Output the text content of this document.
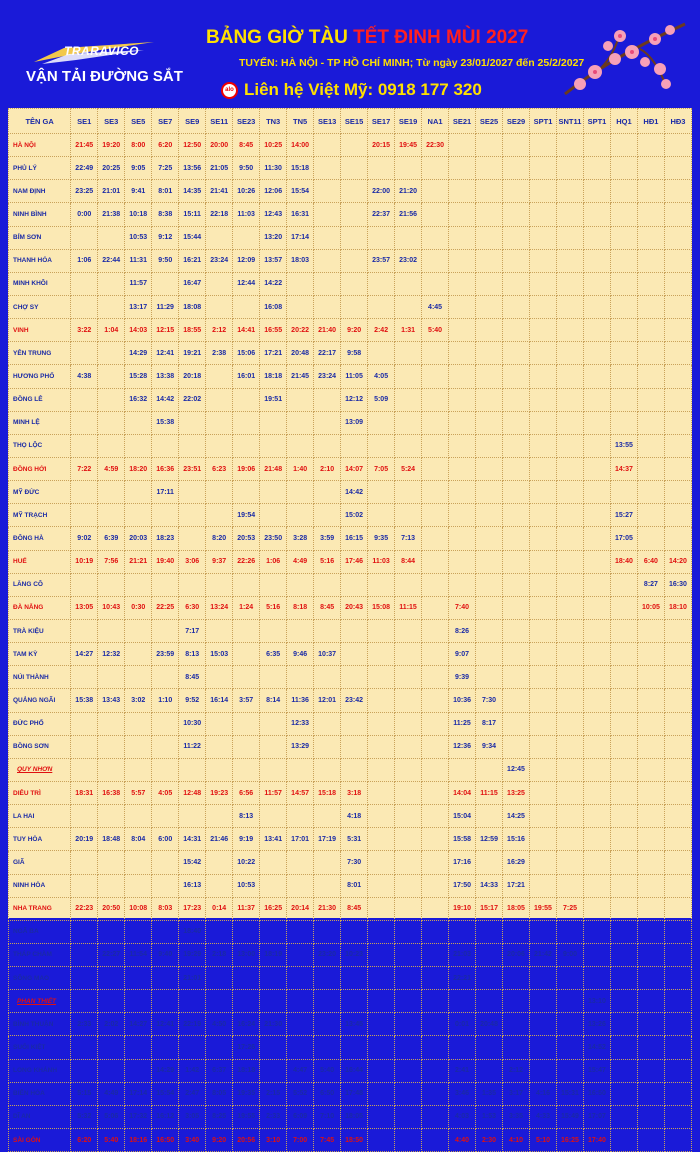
TRARAVICO
VẬN TẢI ĐƯỜNG SẮT
BẢNG GIỜ TÀU TẾT ĐINH MÙI 2027
TUYẾN: HÀ NỘI - TP HỒ CHÍ MINH; Từ ngày 23/01/2027 đến 25/2/2027
alo Liên hệ Việt Mỹ: 0918 177 320
TÊN GA	SE1	SE3	SE5	SE7	SE9	SE11	SE23	TN3	TN5	SE13	SE15	SE17	SE19	NA1	SE21	SE25	SE29	SPT1	SNT11	SPT1	HQ1	HĐ1	HĐ3
HÀ NỘI	21:45	19:20	8:00	6:20	12:50	20:00	8:45	10:25	14:00			20:15	19:45	22:30									
PHỦ LÝ	22:49	20:25	9:05	7:25	13:56	21:05	9:50	11:30	15:18														
NAM ĐỊNH	23:25	21:01	9:41	8:01	14:35	21:41	10:26	12:06	15:54			22:00	21:20										
NINH BÌNH	0:00	21:38	10:18	8:38	15:11	22:18	11:03	12:43	16:31			22:37	21:56										
BỈM SƠN			10:53	9:12	15:44			13:20	17:14														
THANH HÓA	1:06	22:44	11:31	9:50	16:21	23:24	12:09	13:57	18:03			23:57	23:02										
MINH KHÔI			11:57		16:47		12:44	14:22															
CHỢ SY			13:17	11:29	18:08			16:08						4:45									
VINH	3:22	1:04	14:03	12:15	18:55	2:12	14:41	16:55	20:22	21:40	9:20	2:42	1:31	5:40									
YÊN TRUNG			14:29	12:41	19:21	2:38	15:06	17:21	20:48	22:17	9:58												
HƯƠNG PHỐ	4:38		15:28	13:38	20:18		16:01	18:18	21:45	23:24	11:05	4:05											
ĐỒNG LÊ			16:32	14:42	22:02			19:51			12:12	5:09											
MINH LỆ				15:38							13:09												
THỌ LỘC																					13:55		
ĐỒNG HỚI	7:22	4:59	18:20	16:36	23:51	6:23	19:06	21:48	1:40	2:10	14:07	7:05	5:24								14:37		
MỸ ĐỨC				17:11							14:42												
MỸ TRẠCH							19:54				15:02										15:27		
ĐÔNG HÀ	9:02	6:39	20:03	18:23		8:20	20:53	23:50	3:28	3:59	16:15	9:35	7:13								17:05		
HUẾ	10:19	7:56	21:21	19:40	3:06	9:37	22:26	1:06	4:49	5:16	17:46	11:03	8:44								18:40	6:40	14:20
LĂNG CÔ																						8:27	16:30
ĐÀ NẴNG	13:05	10:43	0:30	22:25	6:30	13:24	1:24	5:16	8:18	8:45	20:43	15:08	11:15		7:40							10:05	18:10
TRÀ KIỆU					7:17										8:26								
TAM KỲ	14:27	12:32		23:59	8:13	15:03		6:35	9:46	10:37					9:07								
NÚI THÀNH					8:45										9:39								
QUẢNG NGÃI	15:38	13:43	3:02	1:10	9:52	16:14	3:57	8:14	11:36	12:01	23:42				10:36	7:30							
ĐỨC PHỔ					10:30				12:33						11:25	8:17							
BỒNG SƠN					11:22				13:29						12:36	9:34							
QUY NHƠN																	12:45						
DIÊU TRÌ	18:31	16:38	5:57	4:05	12:48	19:23	6:56	11:57	14:57	15:18	3:18				14:04	11:15	13:25						
LA HAI							8:13				4:18				15:04		14:25						
TUY HÒA	20:19	18:48	8:04	6:00	14:31	21:46	9:19	13:41	17:01	17:19	5:31				15:58	12:59	15:16						
GIÃ					15:42		10:22				7:30				17:16		16:29						
NINH HÒA					16:13		10:53				8:01				17:50	14:33	17:21						
NHA TRANG	22:23	20:50	10:08	8:03	17:23	0:14	11:37	16:25	20:14	21:30	8:45				19:10	15:17	18:05	19:55	7:25				
NGÃ BA					18:40																		
THÁP CHÀM		22:27	11:54	9:40	19:29	2:18	13:00	18:19		23:20	10:23				21:03		20:06	21:42	9:00				
SÔNG MAO					21:01										22:21								
PHAN THIẾT																				13:10			
BÌNH THUẬN	2:33	2:02	14:27	12:41	22:19	4:50	16:24	21:30			13:45				0:01	20:48				13:26			
SUỐI KIỆT							17:26													14:52			
LONG KHÁNH				14:29	1:42	6:37	18:18		4:47	5:40	16:44				2:41		2:12			15:47			
BIÊN HÒA	5:15	4:49	17:14	15:54	2:47	8:05	19:35	2:15	5:52	6:50	17:48				3:46	1:35	3:17	4:16	15:31	16:50			
DĨ AN	5:32	5:06	17:32	16:12	3:05	8:25	19:55	2:33	6:09	7:10	18:05				4:03	1:53	3:35	4:33	15:49	17:07			
SÀI GÒN	6:20	5:40	18:16	16:50	3:40	9:20	20:56	3:10	7:00	7:45	18:50				4:40	2:30	4:10	5:10	16:25	17:40			
